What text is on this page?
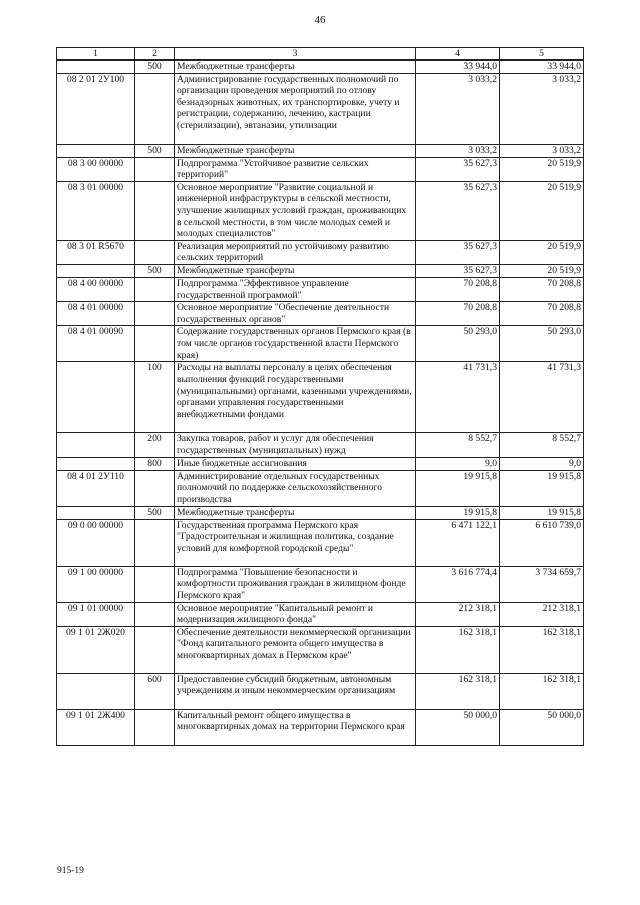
46
1	2	3	4	5
	500	Межбюджетные трансферты	33 944,0	33 944,0
08 2 01 2У100		Администрирование государственных полномочий по организации проведения мероприятий по отлову безнадзорных животных, их транспортировке, учету и регистрации, содержанию, лечению, кастрации (стерилизации), эвтаназии, утилизации	3 033,2	3 033,2
	500	Межбюджетные трансферты	3 033,2	3 033,2
08 3 00 00000		Подпрограмма "Устойчивое развитие сельских территорий"	35 627,3	20 519,9
08 3 01 00000		Основное мероприятие "Развитие социальной и инженерной инфраструктуры в сельской местности, улучшение жилищных условий граждан, проживающих в сельской местности, в том числе молодых семей и молодых специалистов"	35 627,3	20 519,9
08 3 01 R5670		Реализация мероприятий по устойчивому развитию сельских территорий	35 627,3	20 519,9
	500	Межбюджетные трансферты	35 627,3	20 519,9
08 4 00 00000		Подпрограмма "Эффективное управление государственной программой"	70 208,8	70 208,8
08 4 01 00000		Основное мероприятие "Обеспечение деятельности государственных органов"	70 208,8	70 208,8
08 4 01 00090		Содержание государственных органов Пермского края (в том числе органов государственной власти Пермского края)	50 293,0	50 293,0
	100	Расходы на выплаты персоналу в целях обеспечения выполнения функций государственными (муниципальными) органами, казенными учреждениями, органами управления государственными внебюджетными фондами	41 731,3	41 731,3
	200	Закупка товаров, работ и услуг для обеспечения государственных (муниципальных) нужд	8 552,7	8 552,7
	800	Иные бюджетные ассигнования	9,0	9,0
08 4 01 2У110		Администрирование отдельных государственных полномочий по поддержке сельскохозяйственного производства	19 915,8	19 915,8
	500	Межбюджетные трансферты	19 915,8	19 915,8
09 0 00 00000		Государственная программа Пермского края "Градостроительная и жилищная политика, создание условий для комфортной городской среды"	6 471 122,1	6 610 739,0
09 1 00 00000		Подпрограмма "Повышение безопасности и комфортности проживания граждан в жилищном фонде Пермского края"	3 616 774,4	3 734 659,7
09 1 01 00000		Основное мероприятие "Капитальный ремонт и модернизация жилищного фонда"	212 318,1	212 318,1
09 1 01 2Ж020		Обеспечение деятельности некоммерческой организации "Фонд капитального ремонта общего имущества в многоквартирных домах в Пермском крае"	162 318,1	162 318,1
	600	Предоставление субсидий бюджетным, автономным учреждениям и иным некоммерческим организациям	162 318,1	162 318,1
09 1 01 2Ж400		Капитальный ремонт общего имущества в многоквартирных домах на территории Пермского края	50 000,0	50 000,0
915-19
